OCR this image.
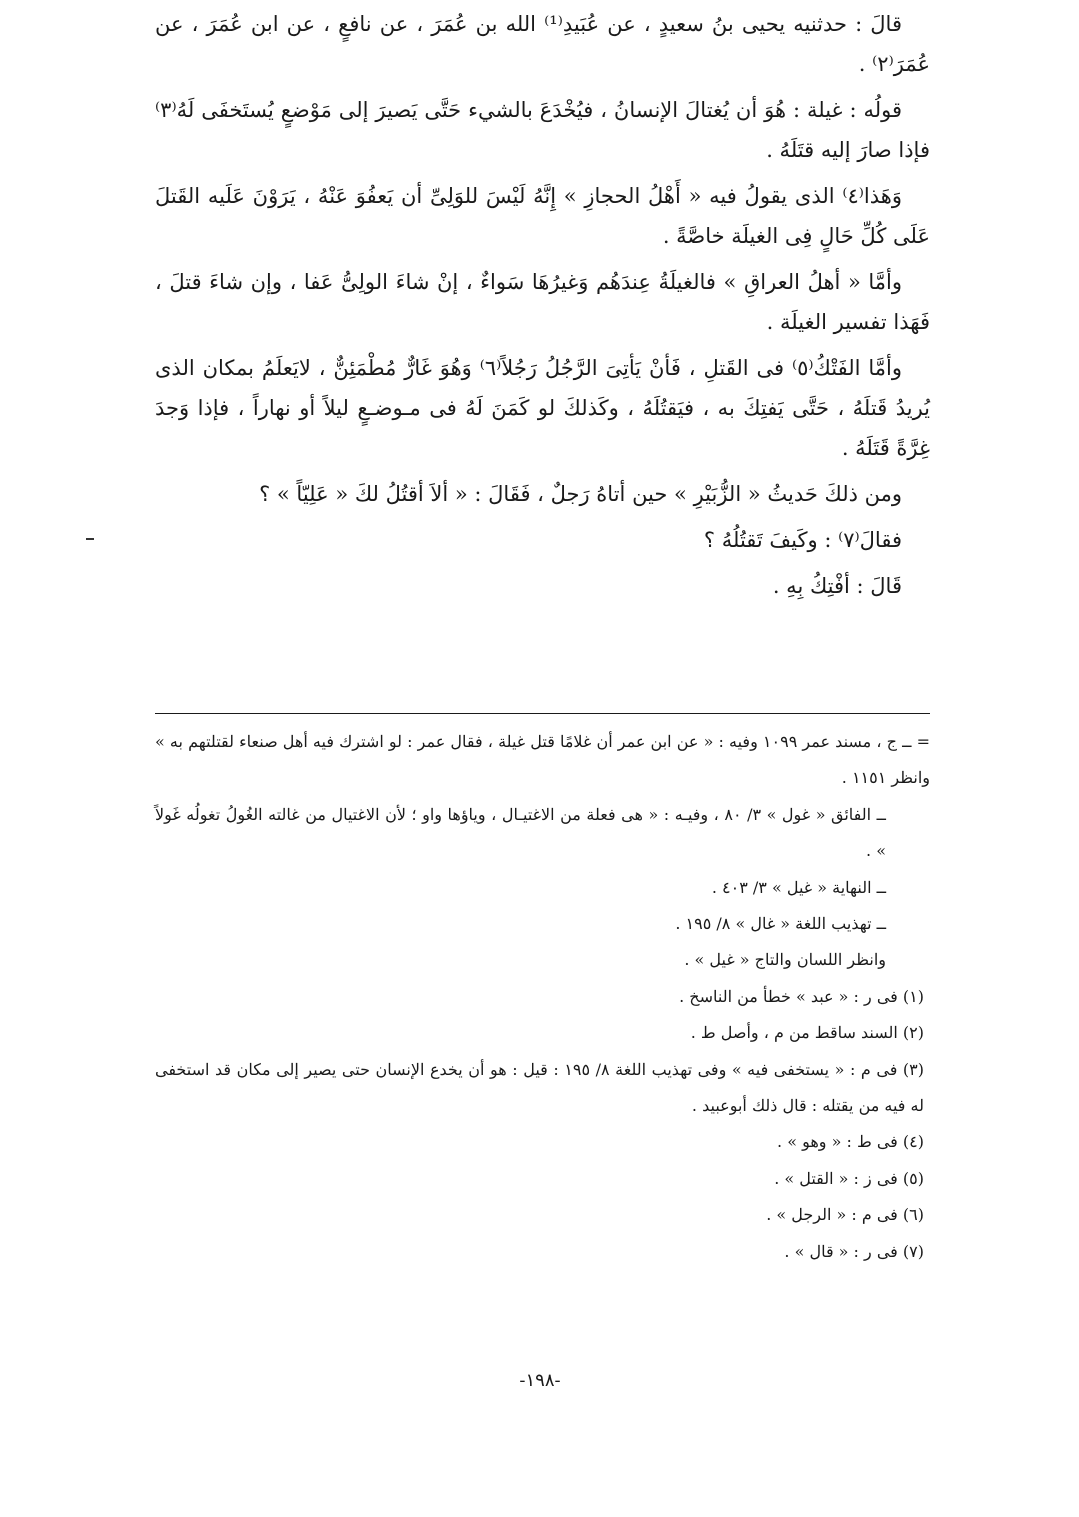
قالَ : حدثنيه يحيى بنُ سعيدٍ ، عن عُبَيدِ⁽¹⁾ الله بن عُمَرَ ، عن نافعٍ ، عن ابن عُمَرَ ، عن عُمَرَ⁽٢⁾ .

قولُه : غيلة : هُوَ أن يُغتالَ الإنسانُ ، فيُخْدَعَ بالشيء حَتَّى يَصيرَ إلى مَوْضعٍ يُستَخفَى لَهُ⁽٣⁾ فإذا صارَ إليه قتَلَهُ .

وَهَذا⁽٤⁾ الذى يقولُ فيه « أَهْلُ الحجازِ » إِنَّهُ لَيْسَ للوَلِىِّ أن يَعفُوَ عَنْهُ ، يَرَوْنَ عَلَيه القَتلَ عَلَى كُلِّ حَالٍ فِى الغيلَة خاصَّةً .

وأمَّا « أهلُ العراقِ » فالغيلَةُ عِندَهُم وَغيرُهَا سَواءٌ ، إنْ شاءَ الولِىُّ عَفا ، وإن شاءَ قتلَ ، فَهَذا تفسير الغيلَة .

وأمَّا الفَتْكُ⁽٥⁾ فى القَتلِ ، فَأنْ يَأتِىَ الرَّجُلُ رَجُلاً⁽٦⁾ وَهُوَ غَارٌّ مُطْمَئِنٌّ ، لايَعلَمُ بمكان الذى يُريدُ قَتلَهُ ، حَتَّى يَفتِكَ به ، فيَقتُلَهُ ، وكَذلكَ لو كَمَنَ لَهُ فى مـوضـعٍ ليلاً أو نهاراً ، فإذا وَجدَ غِرَّةً قَتَلَهُ .

ومن ذلكَ حَديثُ « الزُّبَيْرِ » حين أتاهُ رَجلٌ ، فَقَالَ : « ألاَ أقتُلُ لكَ « عَلِيّاً » ؟

فقالَ⁽٧⁾ : وكَيفَ تَقتُلُهُ ؟

قَالَ : أفْتِكُ بِهِ .

= ــ ج ، مسند عمر ١٠٩٩ وفيه : « عن ابن عمر أن غلامًا قتل غيلة ، فقال عمر : لو اشترك فيه أهل صنعاء لقتلتهم به » وانظر ١١٥١ .

ــ الفائق « غول » ٣/ ٨٠ ، وفيـه : « هى فعلة من الاغتيـال ، وياؤها واو ؛ لأن الاغتيال من غالته الغُولُ تغولُه غَولاً » .

ــ النهاية « غيل » ٣/ ٤٠٣ .

ــ تهذيب اللغة « غال » ٨/ ١٩٥ .

وانظر اللسان والتاج « غيل » .

(١) فى ر : « عبد » خطأ من الناسخ .

(٢) السند ساقط من م ، وأصل ط .

(٣) فى م : « يستخفى فيه » وفى تهذيب اللغة ٨/ ١٩٥ : قيل : هو أن يخدع الإنسان حتى يصير إلى مكان قد استخفى له فيه من يقتله : قال ذلك أبوعبيد .

(٤) فى ط : « وهو » .

(٥) فى ز : « القتل » .

(٦) فى م : « الرجل » .

(٧) فى ر : « قال » .

-١٩٨-
